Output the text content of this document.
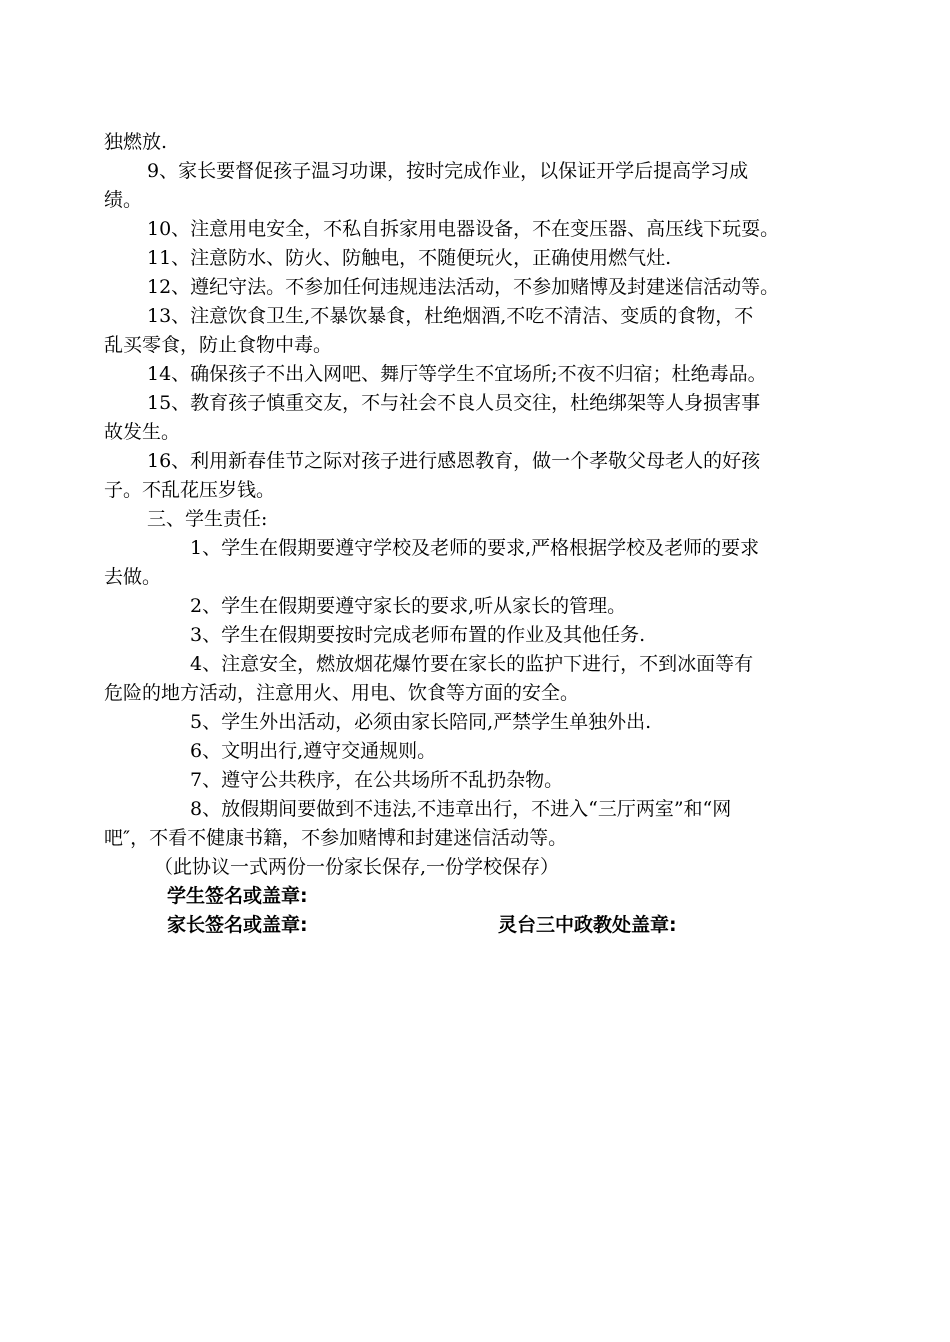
独燃放.
9、家长要督促孩子温习功课，按时完成作业，以保证开学后提高学习成
绩。
10、注意用电安全，不私自拆家用电器设备，不在变压器、高压线下玩耍。
11、注意防水、防火、防触电，不随便玩火，正确使用燃气灶.
12、遵纪守法。不参加任何违规违法活动，不参加赌博及封建迷信活动等。
13、注意饮食卫生,不暴饮暴食，杜绝烟酒,不吃不清洁、变质的食物，不
乱买零食，防止食物中毒。
14、确保孩子不出入网吧、舞厅等学生不宜场所;不夜不归宿；杜绝毒品。
15、教育孩子慎重交友，不与社会不良人员交往，杜绝绑架等人身损害事
故发生。
16、利用新春佳节之际对孩子进行感恩教育，做一个孝敬父母老人的好孩
子。不乱花压岁钱。
三、学生责任:
1、学生在假期要遵守学校及老师的要求,严格根据学校及老师的要求
去做。
2、学生在假期要遵守家长的要求,听从家长的管理。
3、学生在假期要按时完成老师布置的作业及其他任务.
4、注意安全，燃放烟花爆竹要在家长的监护下进行，不到冰面等有
危险的地方活动，注意用火、用电、饮食等方面的安全。
5、学生外出活动，必须由家长陪同,严禁学生单独外出.
6、文明出行,遵守交通规则。
7、遵守公共秩序，在公共场所不乱扔杂物。
8、放假期间要做到不违法,不违章出行，不进入“三厅两室”和“网
吧″，不看不健康书籍，不参加赌博和封建迷信活动等。
（此协议一式两份一份家长保存,一份学校保存）
学生签名或盖章:
家长签名或盖章:	灵台三中政教处盖章:
